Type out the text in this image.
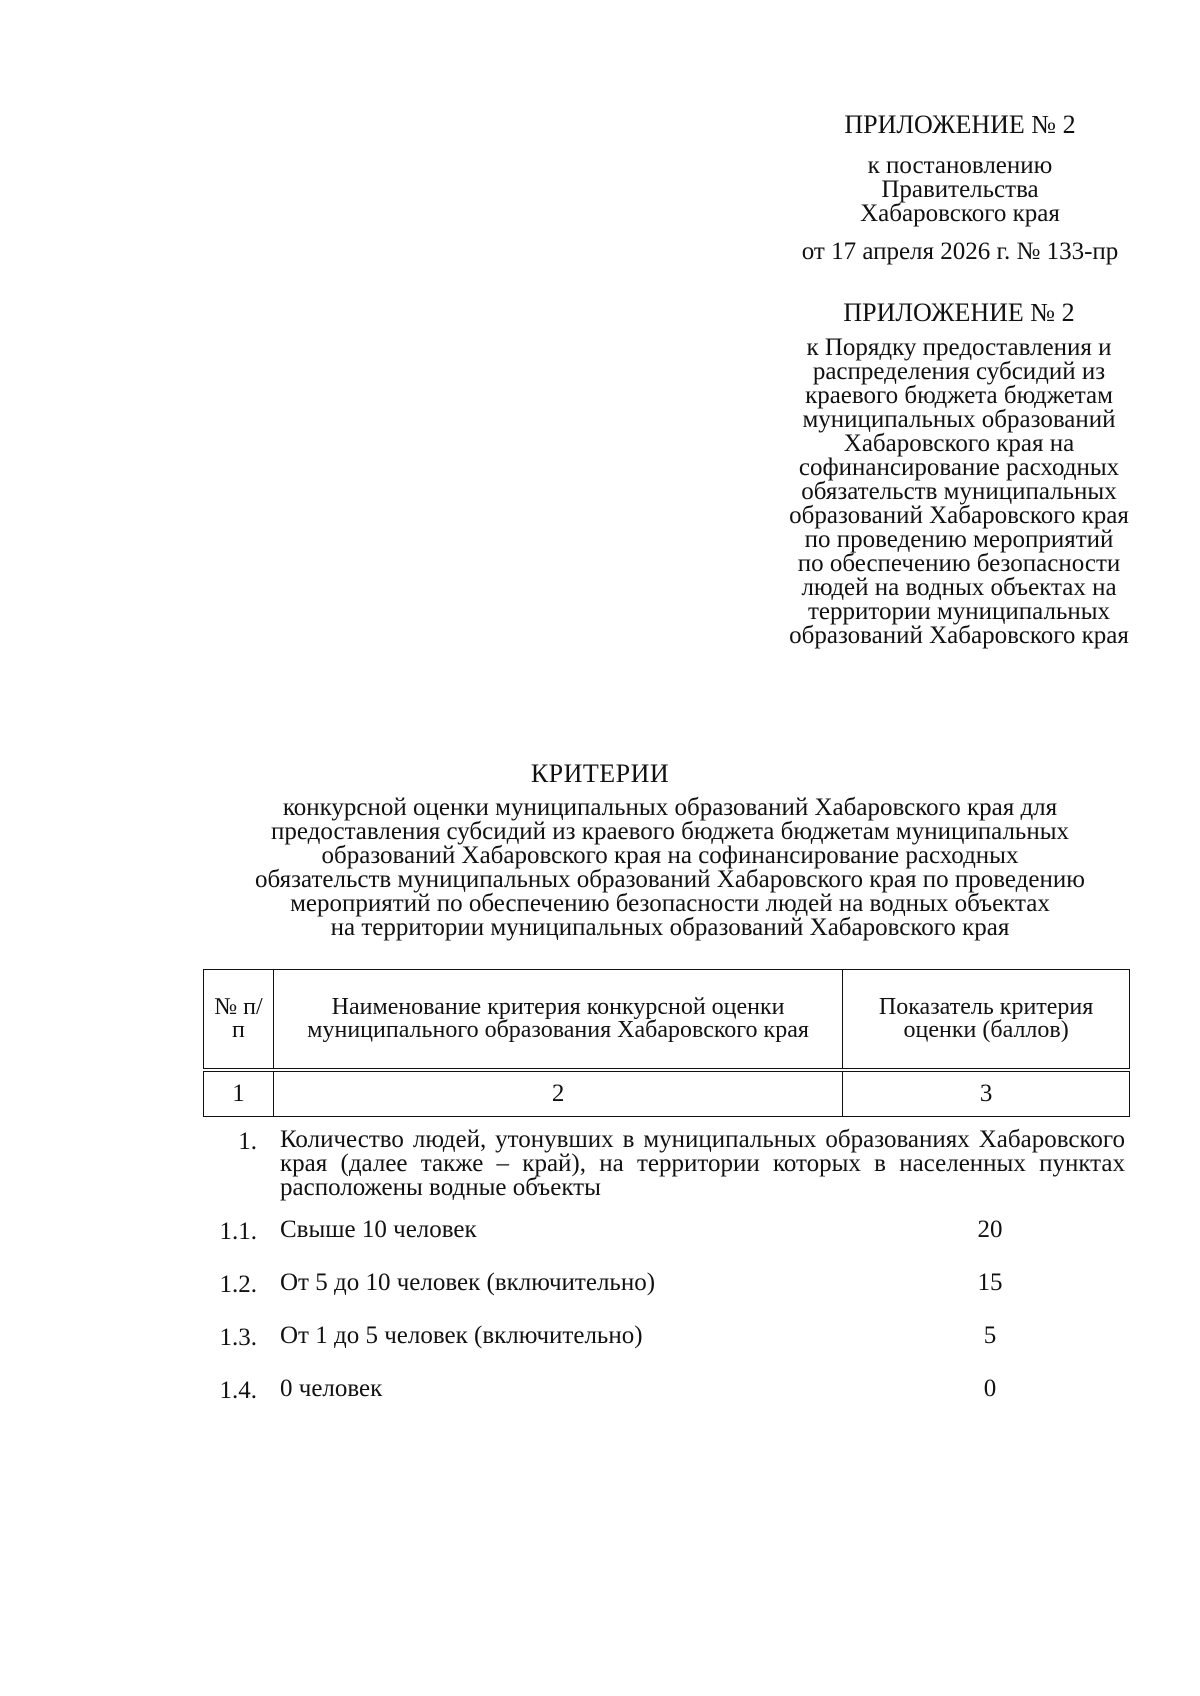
ПРИЛОЖЕНИЕ № 2
к постановлению
Правительства
Хабаровского края
от 17 апреля 2026 г. № 133-пр
ПРИЛОЖЕНИЕ № 2
к Порядку предоставления и
распределения субсидий из
краевого бюджета бюджетам
муниципальных образований
Хабаровского края на
софинансирование расходных
обязательств муниципальных
образований Хабаровского края
по проведению мероприятий
по обеспечению безопасности
людей на водных объектах на
территории муниципальных
образований Хабаровского края
КРИТЕРИИ
конкурсной оценки муниципальных образований Хабаровского края для
предоставления субсидий из краевого бюджета бюджетам муниципальных
образований Хабаровского края на софинансирование расходных
обязательств муниципальных образований Хабаровского края по проведению
мероприятий по обеспечению безопасности людей на водных объектах
на территории муниципальных образований Хабаровского края
№ п/п	Наименование критерия конкурсной оценки муниципального образования Хабаровского края	Показатель критерия оценки (баллов)

1	2	3
1. Количество людей, утонувших в муниципальных образованиях Хабаровского края (далее также – край), на территории которых в населенных пунктах расположены водные объекты
1.1. Свыше 10 человек	20
1.2. От 5 до 10 человек (включительно)	15
1.3. От 1 до 5 человек (включительно)	5
1.4. 0 человек	0
